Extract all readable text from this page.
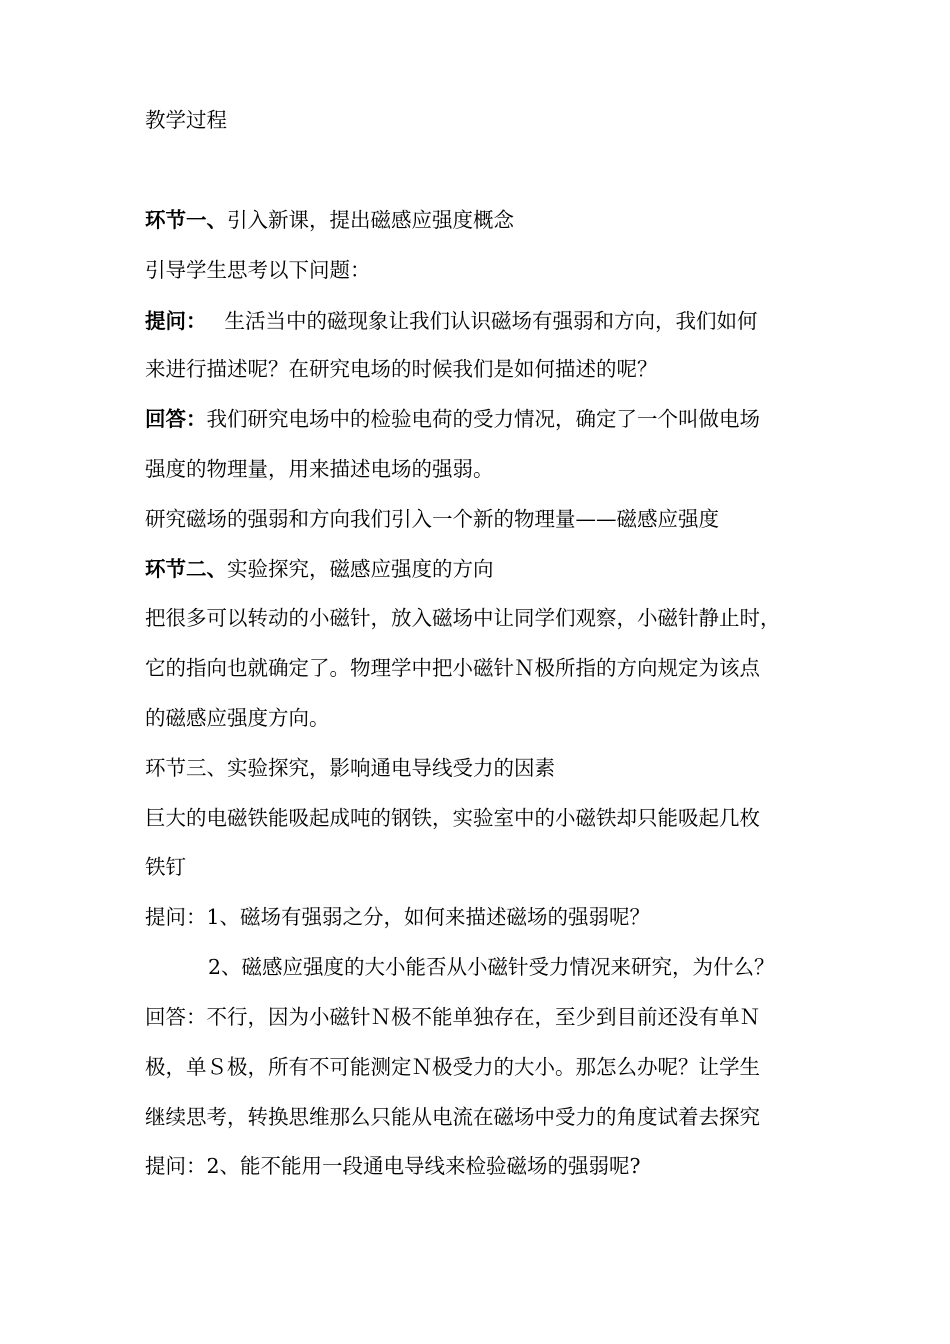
教学过程
环节一、引入新课，提出磁感应强度概念
引导学生思考以下问题：
提问： 生活当中的磁现象让我们认识磁场有强弱和方向，我们如何
来进行描述呢？在研究电场的时候我们是如何描述的呢？
回答：我们研究电场中的检验电荷的受力情况，确定了一个叫做电场
强度的物理量，用来描述电场的强弱。
研究磁场的强弱和方向我们引入一个新的物理量——磁感应强度
环节二、实验探究，磁感应强度的方向
把很多可以转动的小磁针，放入磁场中让同学们观察，小磁针静止时，
它的指向也就确定了。物理学中把小磁针Ｎ极所指的方向规定为该点
的磁感应强度方向。
环节三、实验探究，影响通电导线受力的因素
巨大的电磁铁能吸起成吨的钢铁，实验室中的小磁铁却只能吸起几枚
铁钉
提问：1、磁场有强弱之分，如何来描述磁场的强弱呢？
2、磁感应强度的大小能否从小磁针受力情况来研究，为什么？
回答：不行，因为小磁针Ｎ极不能单独存在，至少到目前还没有单Ｎ
极，单Ｓ极，所有不可能测定Ｎ极受力的大小。那怎么办呢？让学生
继续思考，转换思维那么只能从电流在磁场中受力的角度试着去探究
提问：2、能不能用一段通电导线来检验磁场的强弱呢?
